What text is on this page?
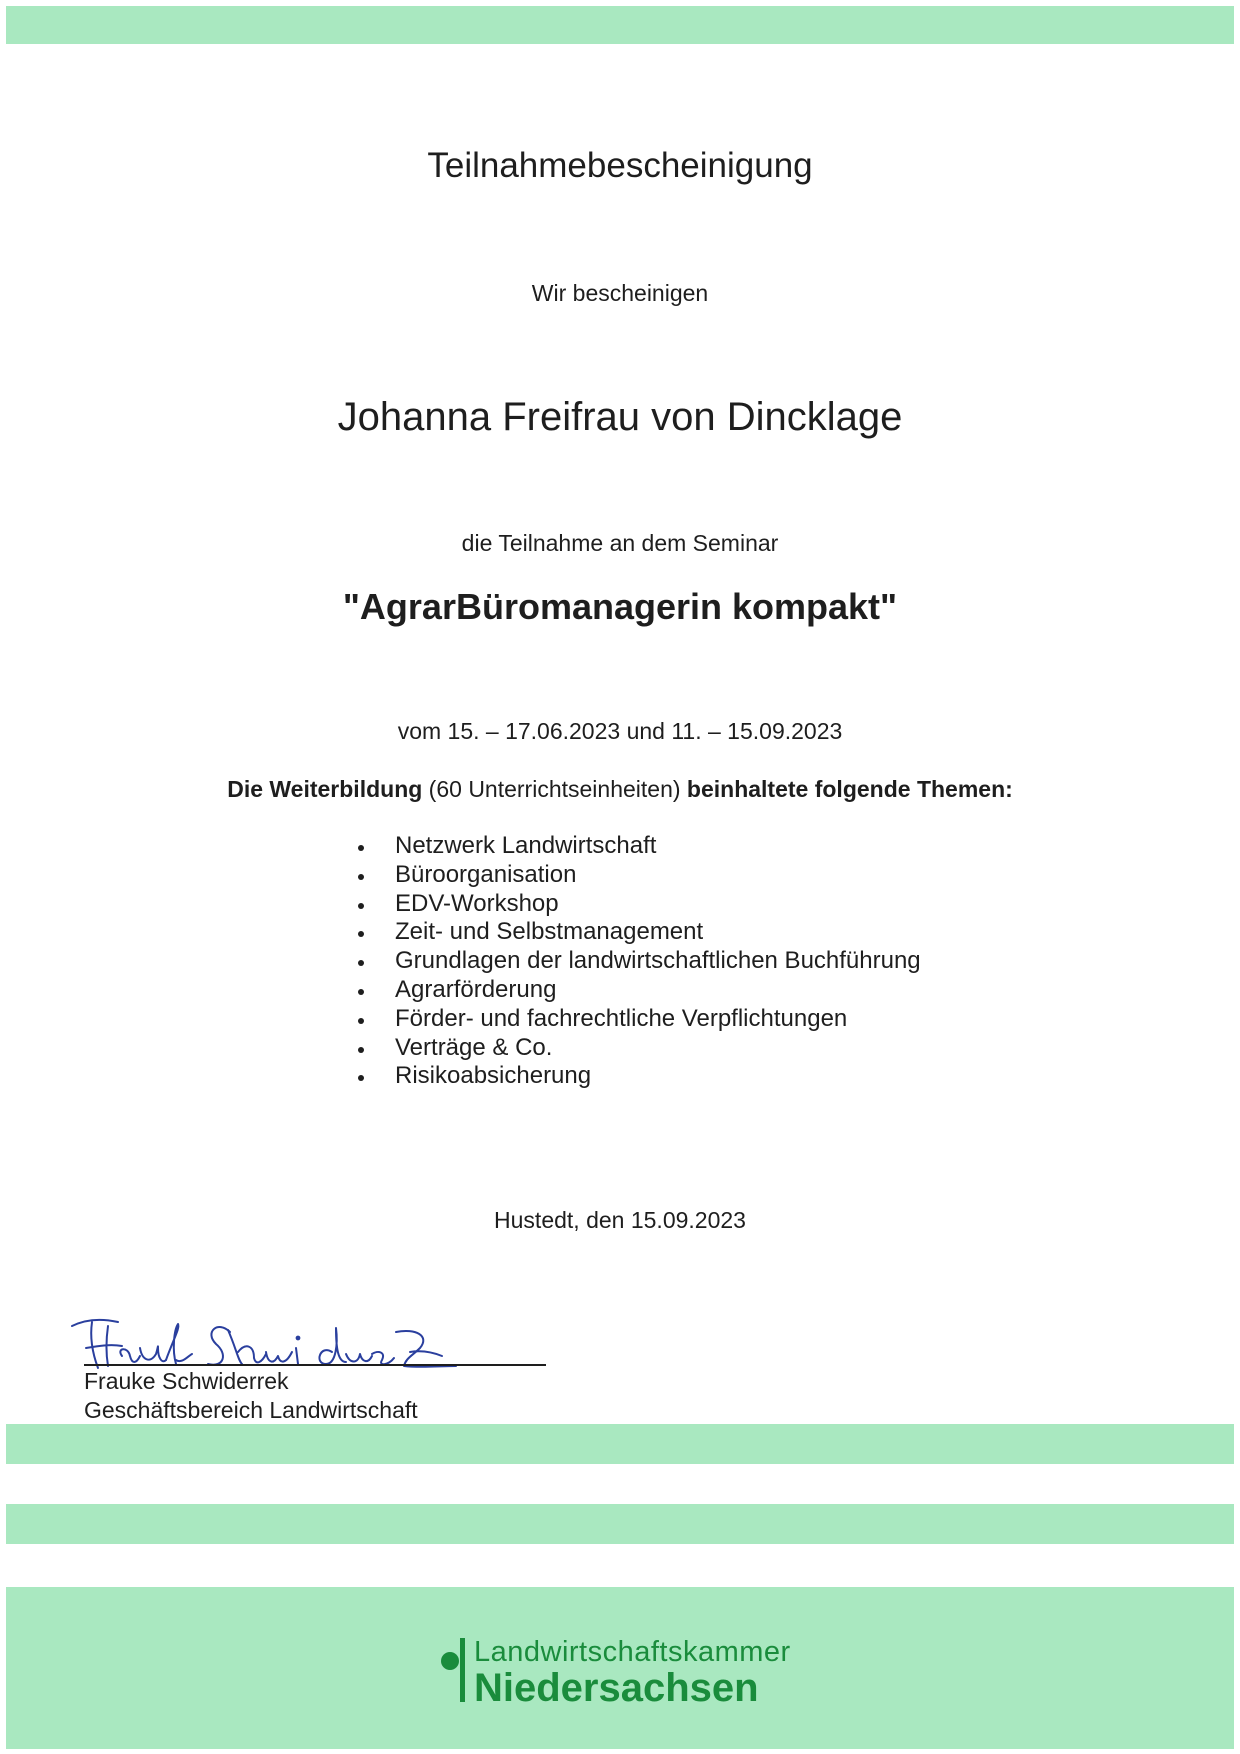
Teilnahmebescheinigung
Wir bescheinigen
Johanna Freifrau von Dincklage
die Teilnahme an dem Seminar
"AgrarBüromanagerin kompakt"
vom 15. – 17.06.2023 und 11. – 15.09.2023
Die Weiterbildung (60 Unterrichtseinheiten) beinhaltete folgende Themen:
Netzwerk Landwirtschaft
Büroorganisation
EDV-Workshop
Zeit- und Selbstmanagement
Grundlagen der landwirtschaftlichen Buchführung
Agrarförderung
Förder- und fachrechtliche Verpflichtungen
Verträge & Co.
Risikoabsicherung
Hustedt, den 15.09.2023
Frauke Schwiderrek
Geschäftsbereich Landwirtschaft
Landwirtschaftskammer
Niedersachsen
